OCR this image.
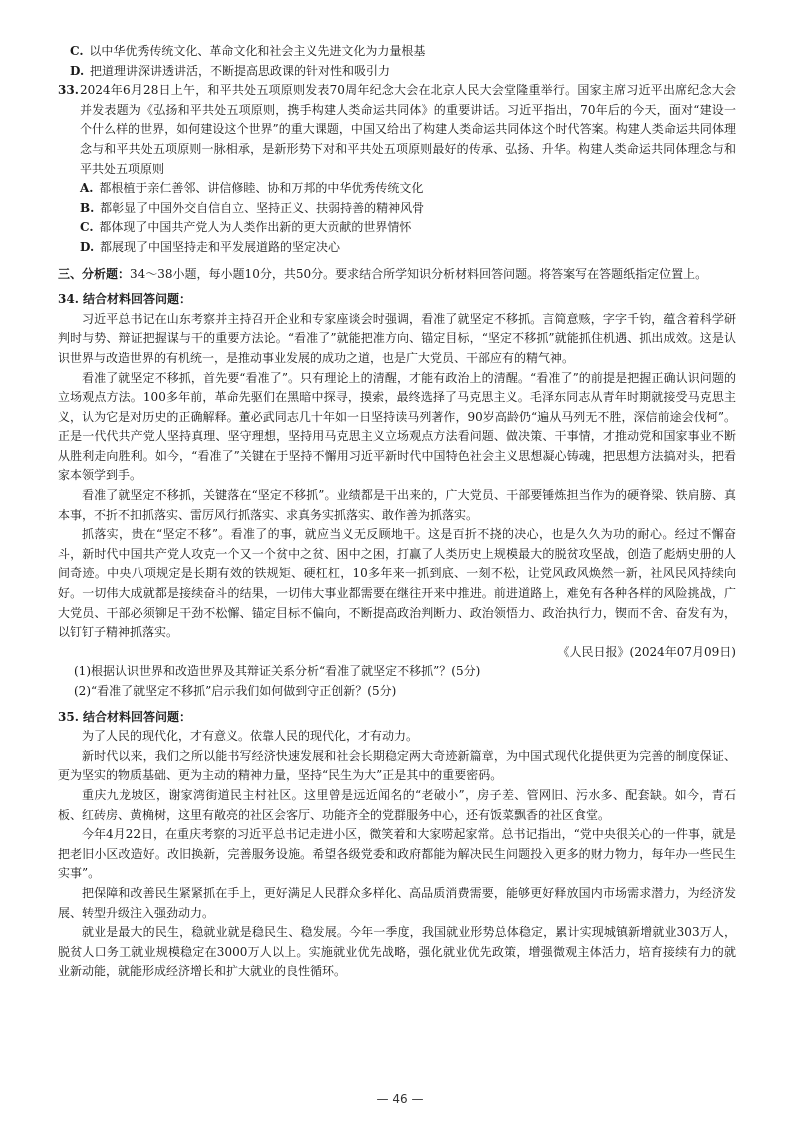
C. 以中华优秀传统文化、革命文化和社会主义先进文化为力量根基

D. 把道理讲深讲透讲活，不断提高思政课的针对性和吸引力

33. 2024年6月28日上午，和平共处五项原则发表70周年纪念大会在北京人民大会堂隆重举行。国家主席习近平出席纪念大会并发表题为《弘扬和平共处五项原则，携手构建人类命运共同体》的重要讲话。习近平指出，70年后的今天，面对“建设一个什么样的世界，如何建设这个世界”的重大课题，中国又给出了构建人类命运共同体这个时代答案。构建人类命运共同体理念与和平共处五项原则一脉相承，是新形势下对和平共处五项原则最好的传承、弘扬、升华。构建人类命运共同体理念与和平共处五项原则

A. 都根植于亲仁善邻、讲信修睦、协和万邦的中华优秀传统文化

B. 都彰显了中国外交自信自立、坚持正义、扶弱持善的精神风骨

C. 都体现了中国共产党人为人类作出新的更大贡献的世界情怀

D. 都展现了中国坚持走和平发展道路的坚定决心

三、分析题：34～38小题，每小题10分，共50分。要求结合所学知识分析材料回答问题。将答案写在答题纸指定位置上。

34. 结合材料回答问题：

习近平总书记在山东考察并主持召开企业和专家座谈会时强调，看准了就坚定不移抓。言简意赅，字字千钧，蕴含着科学研判时与势、辩证把握谋与干的重要方法论。“看准了”就能把准方向、锚定目标，“坚定不移抓”就能抓住机遇、抓出成效。这是认识世界与改造世界的有机统一，是推动事业发展的成功之道，也是广大党员、干部应有的精气神。

看准了就坚定不移抓，首先要“看准了”。只有理论上的清醒，才能有政治上的清醒。“看准了”的前提是把握正确认识问题的立场观点方法。100多年前，革命先驱们在黑暗中探寻，摸索，最终选择了马克思主义。毛泽东同志从青年时期就接受马克思主义，认为它是对历史的正确解释。董必武同志几十年如一日坚持读马列著作，90岁高龄仍“遍从马列无不胜，深信前途会伐柯”。正是一代代共产党人坚持真理、坚守理想，坚持用马克思主义立场观点方法看问题、做决策、干事情，才推动党和国家事业不断从胜利走向胜利。如今，“看准了”关键在于坚持不懈用习近平新时代中国特色社会主义思想凝心铸魂，把思想方法搞对头，把看家本领学到手。

看准了就坚定不移抓，关键落在“坚定不移抓”。业绩都是干出来的，广大党员、干部要锤炼担当作为的硬脊梁、铁肩膀、真本事，不折不扣抓落实、雷厉风行抓落实、求真务实抓落实、敢作善为抓落实。

抓落实，贵在“坚定不移”。看准了的事，就应当义无反顾地干。这是百折不挠的决心，也是久久为功的耐心。经过不懈奋斗，新时代中国共产党人攻克一个又一个贫中之贫、困中之困，打赢了人类历史上规模最大的脱贫攻坚战，创造了彪炳史册的人间奇迹。中央八项规定是长期有效的铁规矩、硬杠杠，10多年来一抓到底、一刻不松，让党风政风焕然一新，社风民风持续向好。一切伟大成就都是接续奋斗的结果，一切伟大事业都需要在继往开来中推进。前进道路上，难免有各种各样的风险挑战，广大党员、干部必须铆足干劲不松懈、锚定目标不偏向，不断提高政治判断力、政治领悟力、政治执行力，锲而不舍、奋发有为，以钉钉子精神抓落实。

《人民日报》(2024年07月09日)

(1)根据认识世界和改造世界及其辩证关系分析“看准了就坚定不移抓”？(5分)

(2)“看准了就坚定不移抓”启示我们如何做到守正创新？(5分)

35. 结合材料回答问题：

为了人民的现代化，才有意义。依靠人民的现代化，才有动力。

新时代以来，我们之所以能书写经济快速发展和社会长期稳定两大奇迹新篇章，为中国式现代化提供更为完善的制度保证、更为坚实的物质基础、更为主动的精神力量，坚持“民生为大”正是其中的重要密码。

重庆九龙坡区，谢家湾街道民主村社区。这里曾是远近闻名的“老破小”，房子差、管网旧、污水多、配套缺。如今，青石板、红砖房、黄桷树，这里有敞亮的社区会客厅、功能齐全的党群服务中心，还有饭菜飘香的社区食堂。

今年4月22日，在重庆考察的习近平总书记走进小区，微笑着和大家唠起家常。总书记指出，“党中央很关心的一件事，就是把老旧小区改造好。改旧换新，完善服务设施。希望各级党委和政府都能为解决民生问题投入更多的财力物力，每年办一些民生实事”。

把保障和改善民生紧紧抓在手上，更好满足人民群众多样化、高品质消费需要，能够更好释放国内市场需求潜力，为经济发展、转型升级注入强劲动力。

就业是最大的民生，稳就业就是稳民生、稳发展。今年一季度，我国就业形势总体稳定，累计实现城镇新增就业303万人，脱贫人口务工就业规模稳定在3000万人以上。实施就业优先战略，强化就业优先政策，增强微观主体活力，培育接续有力的就业新动能，就能形成经济增长和扩大就业的良性循环。

— 46 —
